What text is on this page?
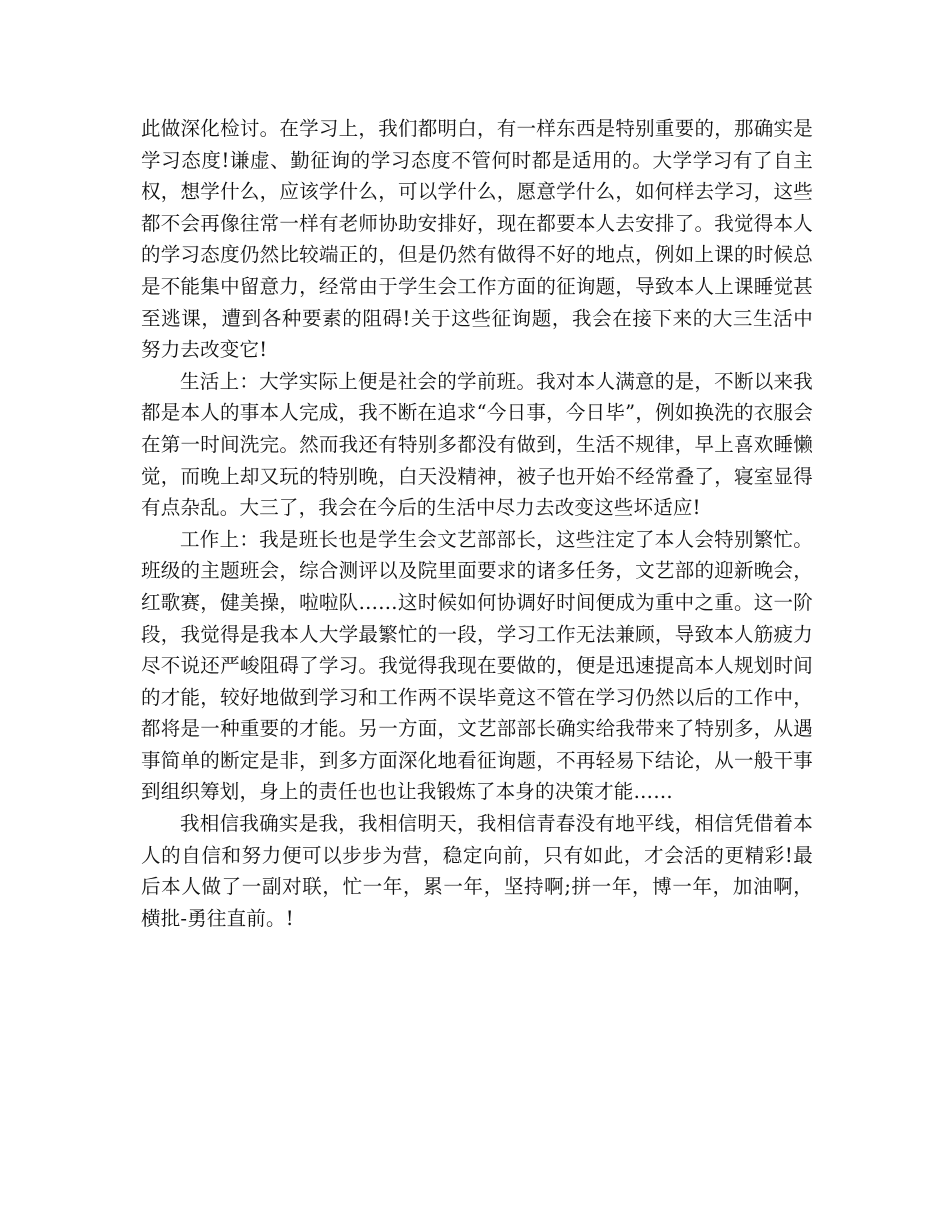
此做深化检讨。在学习上，我们都明白，有一样东西是特别重要的，那确实是学习态度!谦虚、勤征询的学习态度不管何时都是适用的。大学学习有了自主权，想学什么，应该学什么，可以学什么，愿意学什么，如何样去学习，这些都不会再像往常一样有老师协助安排好，现在都要本人去安排了。我觉得本人的学习态度仍然比较端正的，但是仍然有做得不好的地点，例如上课的时候总是不能集中留意力，经常由于学生会工作方面的征询题，导致本人上课睡觉甚至逃课，遭到各种要素的阻碍!关于这些征询题，我会在接下来的大三生活中努力去改变它!

生活上：大学实际上便是社会的学前班。我对本人满意的是，不断以来我都是本人的事本人完成，我不断在追求“今日事，今日毕”，例如换洗的衣服会在第一时间洗完。然而我还有特别多都没有做到，生活不规律，早上喜欢睡懒觉，而晚上却又玩的特别晚，白天没精神，被子也开始不经常叠了，寝室显得有点杂乱。大三了，我会在今后的生活中尽力去改变这些坏适应!

工作上：我是班长也是学生会文艺部部长，这些注定了本人会特别繁忙。班级的主题班会，综合测评以及院里面要求的诸多任务，文艺部的迎新晚会，红歌赛，健美操，啦啦队……这时候如何协调好时间便成为重中之重。这一阶段，我觉得是我本人大学最繁忙的一段，学习工作无法兼顾，导致本人筋疲力尽不说还严峻阻碍了学习。我觉得我现在要做的，便是迅速提高本人规划时间的才能，较好地做到学习和工作两不误毕竟这不管在学习仍然以后的工作中，都将是一种重要的才能。另一方面，文艺部部长确实给我带来了特别多，从遇事简单的断定是非，到多方面深化地看征询题，不再轻易下结论，从一般干事到组织筹划，身上的责任也也让我锻炼了本身的决策才能……

我相信我确实是我，我相信明天，我相信青春没有地平线，相信凭借着本人的自信和努力便可以步步为营，稳定向前，只有如此，才会活的更精彩!最后本人做了一副对联，忙一年，累一年，坚持啊;拼一年，博一年，加油啊，横批-勇往直前。!
